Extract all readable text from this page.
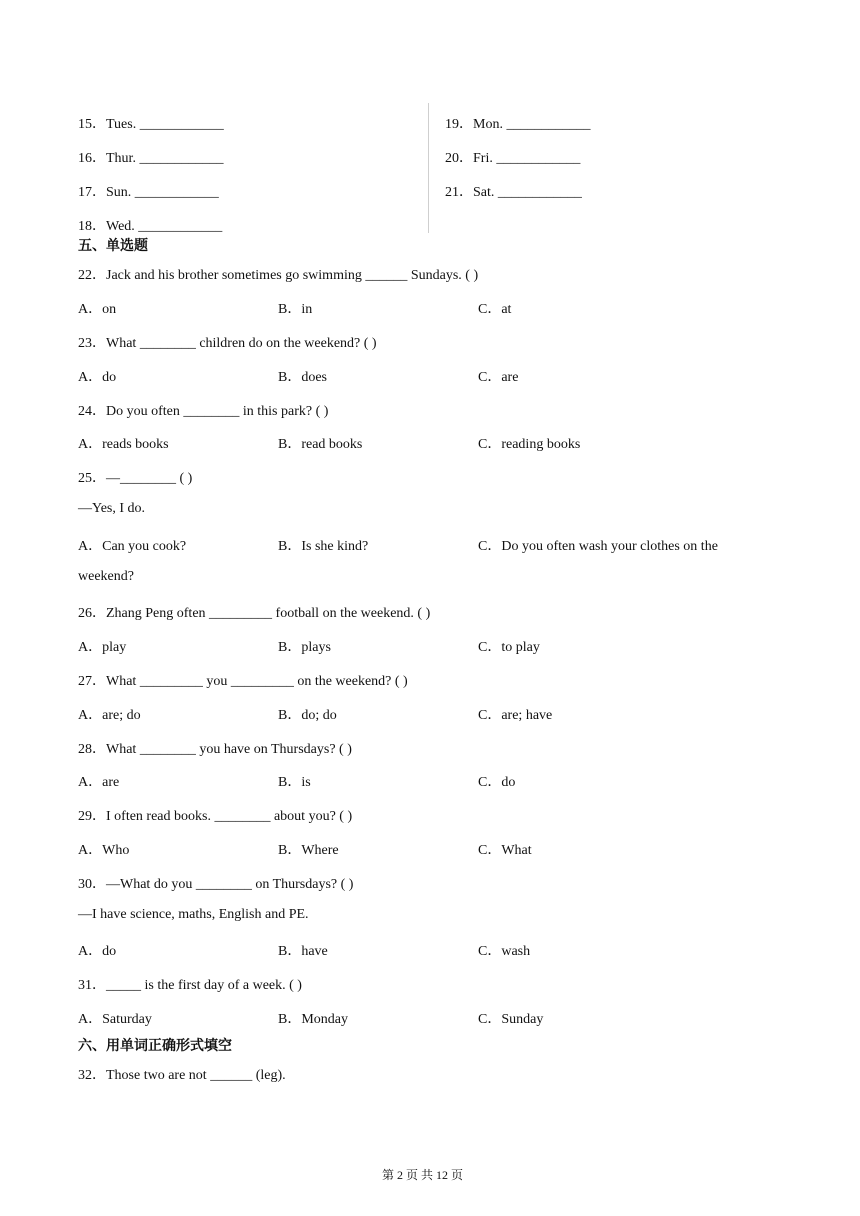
15．Tues. ____________
16．Thur. ____________
17．Sun. ____________
18．Wed. ____________
19．Mon. ____________
20．Fri. ____________
21．Sat. ____________
五、单选题
22．Jack and his brother sometimes go swimming ______ Sundays. ( )
A．on	B．in	C．at
23．What ________ children do on the weekend? ( )
A．do	B．does	C．are
24．Do you often ________ in this park? ( )
A．reads books	B．read books	C．reading books
25．—________ ( )
—Yes, I do.
A．Can you cook?	B．Is she kind?	C．Do you often wash your clothes on the
weekend?
26．Zhang Peng often _________ football on the weekend. ( )
A．play	B．plays	C．to play
27．What _________ you _________ on the weekend? ( )
A．are; do	B．do; do	C．are; have
28．What ________ you have on Thursdays? ( )
A．are	B．is	C．do
29．I often read books. ________ about you? ( )
A．Who	B．Where	C．What
30．—What do you ________ on Thursdays? ( )
—I have science, maths, English and PE.
A．do	B．have	C．wash
31．_____ is the first day of a week. ( )
A．Saturday	B．Monday	C．Sunday
六、用单词正确形式填空
32．Those two are not ______ (leg).
第 2 页 共 12 页
